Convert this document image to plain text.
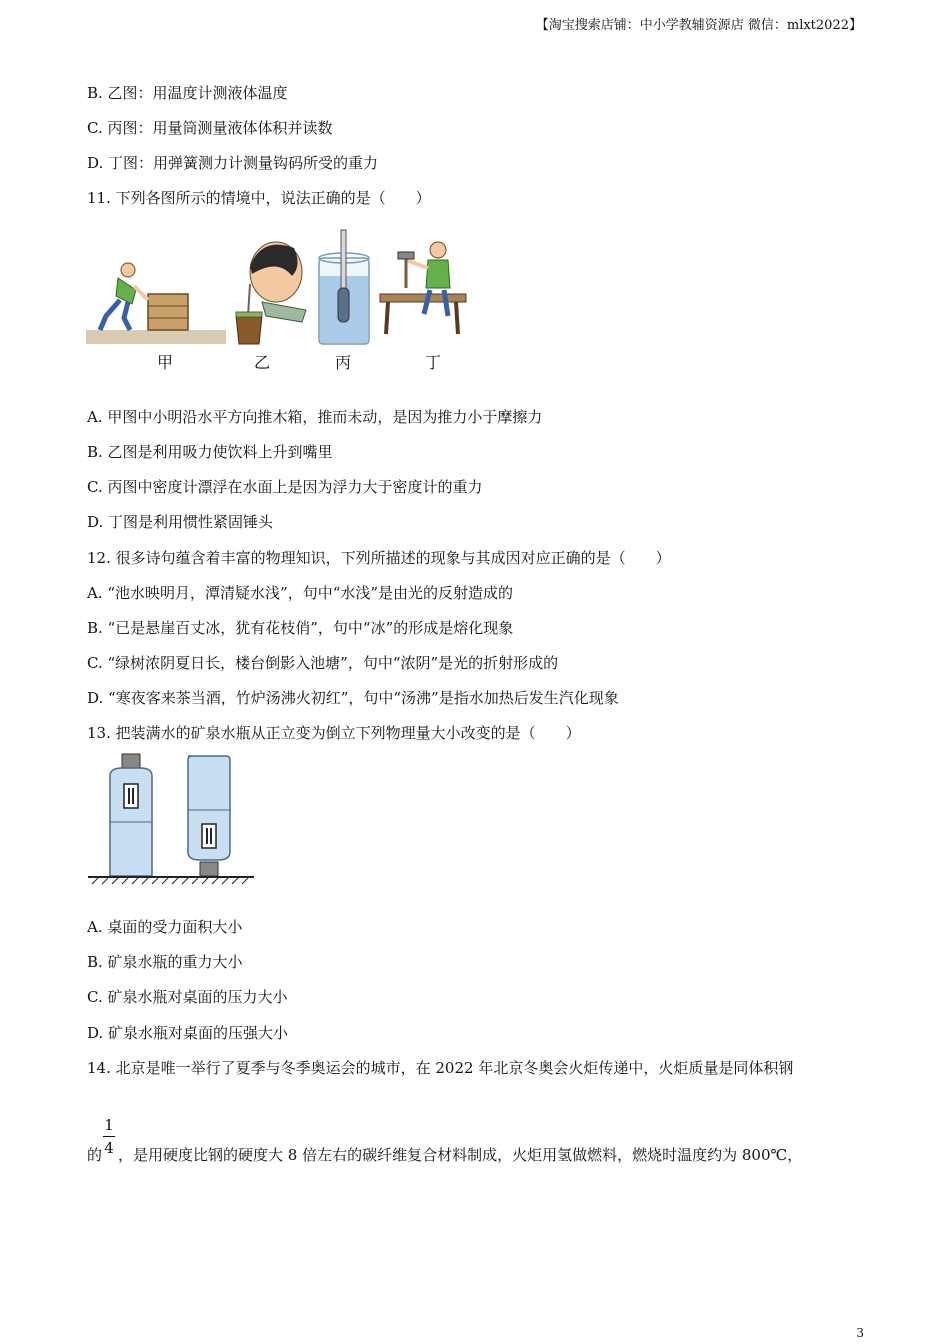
【淘宝搜索店铺：中小学教辅资源店 微信：mlxt2022】
B. 乙图：用温度计测液体温度
C. 丙图：用量筒测量液体体积并读数
D. 丁图：用弹簧测力计测量钩码所受的重力
11. 下列各图所示的情境中，说法正确的是（　　）
甲	乙	丙	丁
A. 甲图中小明沿水平方向推木箱，推而未动，是因为推力小于摩擦力
B. 乙图是利用吸力使饮料上升到嘴里
C. 丙图中密度计漂浮在水面上是因为浮力大于密度计的重力
D. 丁图是利用惯性紧固锤头
12. 很多诗句蕴含着丰富的物理知识，下列所描述的现象与其成因对应正确的是（　　）
A. “池水映明月，潭清疑水浅”，句中“水浅”是由光的反射造成的
B. “已是悬崖百丈冰，犹有花枝俏”，句中“冰”的形成是熔化现象
C. “绿树浓阴夏日长，楼台倒影入池塘”，句中“浓阴”是光的折射形成的
D. “寒夜客来茶当酒，竹炉汤沸火初红”，句中“汤沸”是指水加热后发生汽化现象
13. 把装满水的矿泉水瓶从正立变为倒立下列物理量大小改变的是（　　）
A. 桌面的受力面积大小
B. 矿泉水瓶的重力大小
C. 矿泉水瓶对桌面的压力大小
D. 矿泉水瓶对桌面的压强大小
14. 北京是唯一举行了夏季与冬季奥运会的城市，在 2022 年北京冬奥会火炬传递中，火炬质量是同体积钢
的
1
4 ，是用硬度比钢的硬度大 8 倍左右的碳纤维复合材料制成，火炬用氢做燃料，燃烧时温度约为 800℃，
3
